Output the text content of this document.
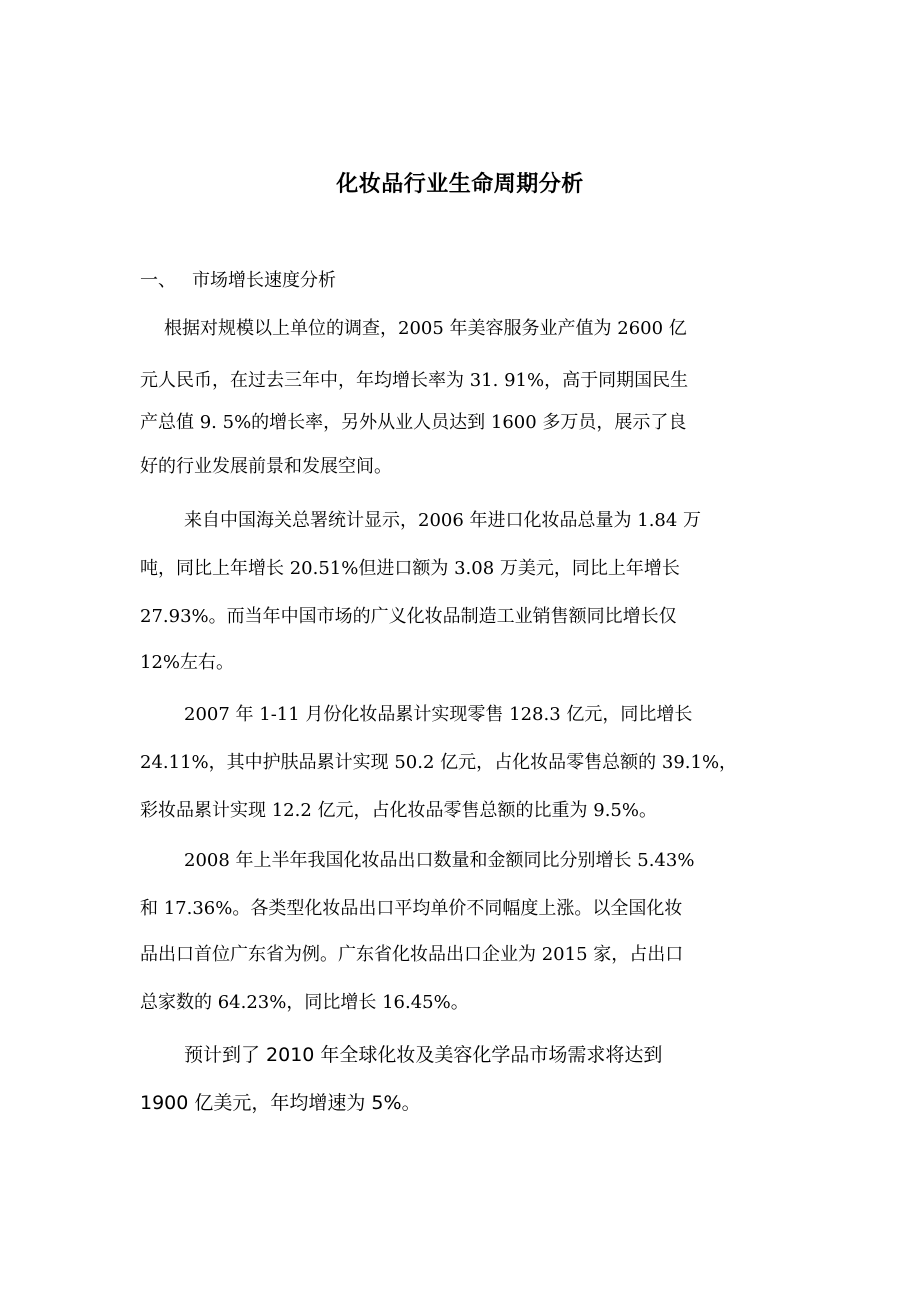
化妆品行业生命周期分析
一、 市场增长速度分析
根据对规模以上单位的调查，2005 年美容服务业产值为 2600 亿
元人民币，在过去三年中，年均增长率为 31. 91%，高于同期国民生
产总值 9. 5%的增长率，另外从业人员达到 1600 多万员，展示了良
好的行业发展前景和发展空间。
来自中国海关总署统计显示，2006 年进口化妆品总量为 1.84 万
吨，同比上年增长 20.51%但进口额为 3.08 万美元，同比上年增长
27.93%。而当年中国市场的广义化妆品制造工业销售额同比增长仅
12%左右。
2007 年 1-11 月份化妆品累计实现零售 128.3 亿元，同比增长
24.11%，其中护肤品累计实现 50.2 亿元，占化妆品零售总额的 39.1%，
彩妆品累计实现 12.2 亿元，占化妆品零售总额的比重为 9.5%。
2008 年上半年我国化妆品出口数量和金额同比分别增长 5.43%
和 17.36%。各类型化妆品出口平均单价不同幅度上涨。以全国化妆
品出口首位广东省为例。广东省化妆品出口企业为 2015 家，占出口
总家数的 64.23%，同比增长 16.45%。
预计到了 2010 年全球化妆及美容化学品市场需求将达到
1900 亿美元，年均增速为 5%。
